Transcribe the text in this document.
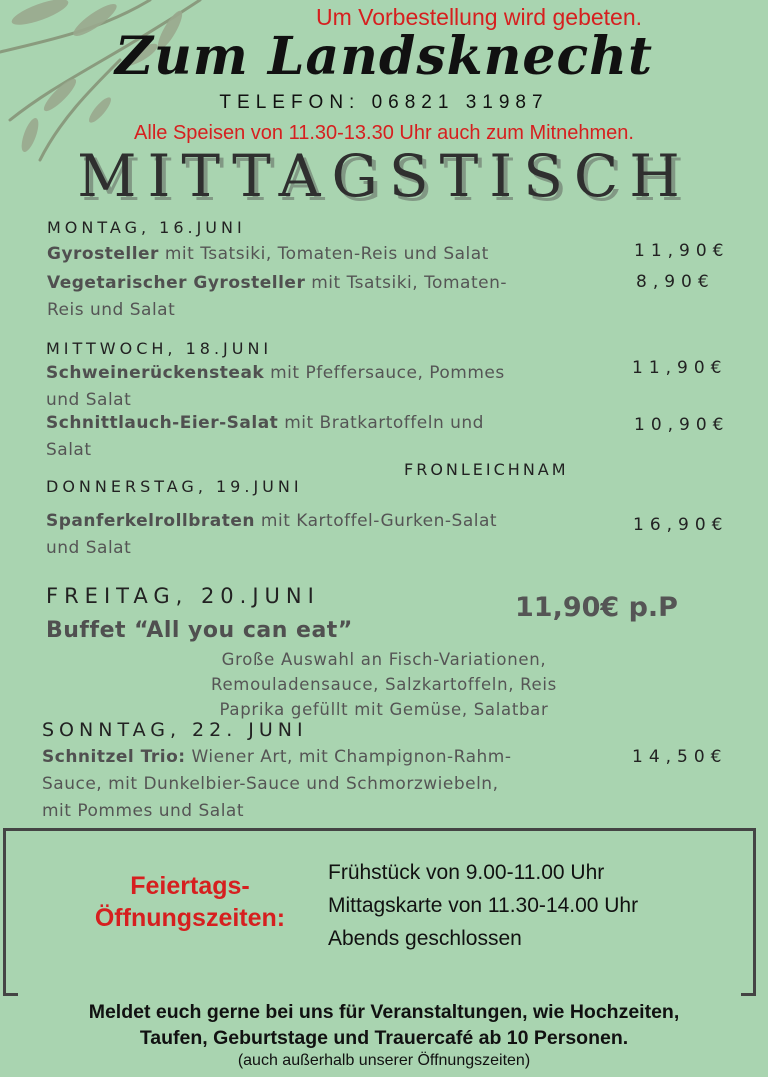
Um Vorbestellung wird gebeten.
Zum Landsknecht
TELEFON: 06821 31987
Alle Speisen von 11.30-13.30 Uhr auch zum Mitnehmen.
MITTAGSTISCH
MONTAG, 16.JUNI
Gyrosteller mit Tsatsiki, Tomaten-Reis und Salat	11,90€
Vegetarischer Gyrosteller mit Tsatsiki, Tomaten-
Reis und Salat
8,90€
MITTWOCH, 18.JUNI
Schweinerückensteak mit Pfeffersauce, Pommes
und Salat
11,90€
Schnittlauch-Eier-Salat mit Bratkartoffeln und
Salat
10,90€
FRONLEICHNAM
DONNERSTAG, 19.JUNI
Spanferkelrollbraten mit Kartoffel-Gurken-Salat
und Salat
16,90€
FREITAG, 20.JUNI
Buffet “All you can eat”
11,90€ p.P
Große Auswahl an Fisch-Variationen,
Remouladensauce, Salzkartoffeln, Reis
Paprika gefüllt mit Gemüse, Salatbar
SONNTAG, 22. JUNI
Schnitzel Trio: Wiener Art, mit Champignon-Rahm-
Sauce, mit Dunkelbier-Sauce und Schmorzwiebeln,
mit Pommes und Salat
14,50€
Feiertags-
Öffnungszeiten:
Frühstück von 9.00-11.00 Uhr
Mittagskarte von 11.30-14.00 Uhr
Abends geschlossen
Meldet euch gerne bei uns für Veranstaltungen, wie Hochzeiten,
Taufen, Geburtstage und Trauercafé ab 10 Personen.
(auch außerhalb unserer Öffnungszeiten)
